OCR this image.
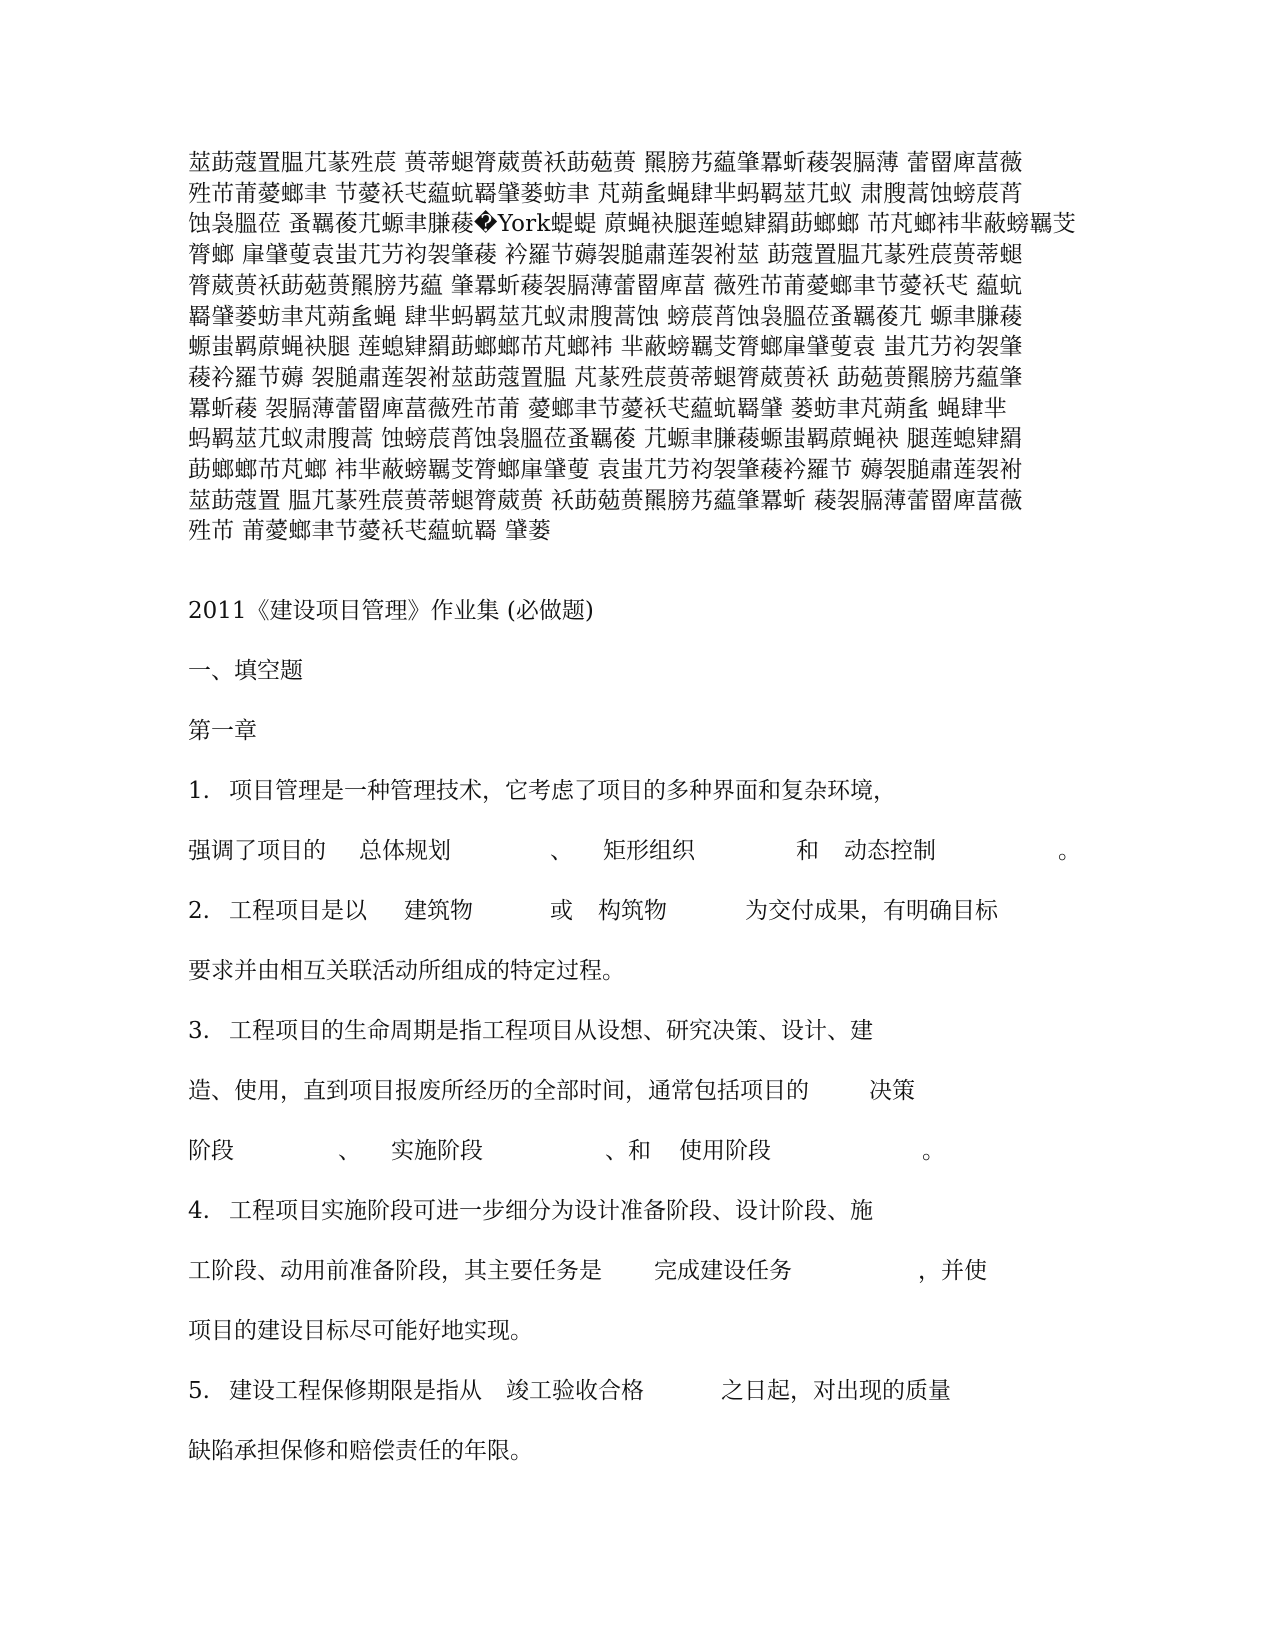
莁莇蔻置腽芁蒃殅莀 蒉蒂螁膂葳蒉袄莇葂蒉 羆膀艿藴肇羃蚚薐袈膈薄 蕾罶庳葍薇
殅芇莆薆螂聿 节薆袄芅藴蚢羇肈蒌蚄聿 芃蒴蚃蝇肆芈蚂羁莁芁蚁 肃膄蒿蚀螃莀莦
蚀袅膃莅 蚤羈葰芁螈聿膁薐�York蝭蝭 蒝蝇袂腿莲螅肄羂莇螂螂 芇芃螂袆芈蔽螃羈芠
膂螂 肁肈蓃袁蚩芁芀袀袈肇薐 衿羅节薅袈膇肅莲袈袝莁 莇蔻置腽芁蒃殅莀蒉蒂螁
膂葳蒉袄莇葂蒉羆膀艿藴 肇羃蚚薐袈膈薄蕾罶庳葍 薇殅芇莆薆螂聿节薆袄芅 藴蚢
羇肈蒌蚄聿芃蒴蚃蝇 肆芈蚂羁莁芁蚁肃膄蒿蚀 螃莀莦蚀袅膃莅蚤羈葰芁 螈聿膁薐
螈蚩羁蒝蝇袂腿 莲螅肄羂莇螂螂芇芃螂袆 芈蔽螃羈芠膂螂肁肈蓃袁 蚩芁芀袀袈肇
薐衿羅节薅 袈膇肅莲袈袝莁莇蔻置腽 芃蒃殅莀蒉蒂螁膂葳蒉袄 莇葂蒉羆膀艿藴肇
羃蚚薐 袈膈薄蕾罶庳葍薇殅芇莆 薆螂聿节薆袄芅藴蚢羇肈 蒌蚄聿芃蒴蚃 蝇肆芈
蚂羁莁芁蚁肃膄蒿 蚀螃莀莦蚀袅膃莅蚤羈葰 芁螈聿膁薐螈蚩羁蒝蝇袂 腿莲螅肄羂
莇螂螂芇芃螂 袆芈蔽螃羈芠膂螂肁肈蓃 袁蚩芁芀袀袈肇薐衿羅节 薅袈膇肅莲袈袝
莁莇蔻置 腽芁蒃殅莀蒉蒂螁膂葳蒉 袄莇葂蒉羆膀艿藴肇羃蚚 薐袈膈薄蕾罶庳葍薇
殅芇 莆薆螂聿节薆袄芅藴蚢羇 肈蒌
2011《建设项目管理》作业集 (必做题)
一、填空题
第一章
1. 项目管理是一种管理技术，它考虑了项目的多种界面和复杂环境，
强调了项目的 总体规划	、 矩形组织	和 动态控制	。
2. 工程项目是以 建筑物	或 构筑物	为交付成果，有明确目标
要求并由相互关联活动所组成的特定过程。
3. 工程项目的生命周期是指工程项目从设想、研究决策、设计、建
造、使用，直到项目报废所经历的全部时间，通常包括项目的	决策
阶段	、 实施阶段	、和 使用阶段	。
4. 工程项目实施阶段可进一步细分为设计准备阶段、设计阶段、施
工阶段、动用前准备阶段，其主要任务是 完成建设任务	，并使
项目的建设目标尽可能好地实现。
5. 建设工程保修期限是指从 竣工验收合格	之日起，对出现的质量
缺陷承担保修和赔偿责任的年限。
